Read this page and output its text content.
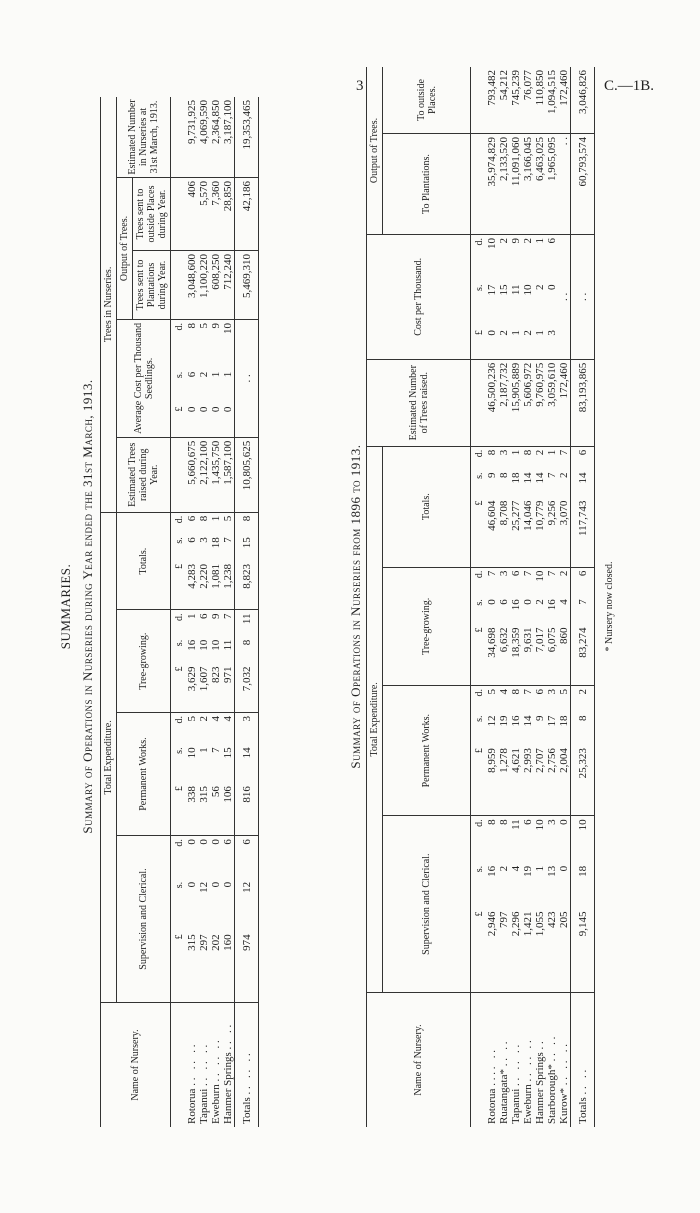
3	C.—1B.
SUMMARIES. Summary of Operations in Nurseries during Year ended the 31st March, 1913.
Name of Nursery.	Total Expenditure.												Trees in Nurseries.						
	Supervision and Clerical.			Permanent Works.			Tree-growing.			Totals.			Estimated Trees raised during Year.	Average Cost per Thousand Seedlings.			Output of Trees.		Estimated Number in Nurseries at 31st March, 1913.
																	Trees sent to Plantations during Year.	Trees sent to outside Places during Year.	
	£	s.	d.	£	s.	d.	£	s.	d.	£	s.	d.		£	s.	d.			
Rotorua . .   . .   . .	315	0	0	338	10	5	3,629	16	1	4,283	6	6	5,660,675	0	6	8	3,048,600	406	9,731,925
Tapanui . .   . .   . .	297	12	0	315	1	2	1,607	10	6	2,220	3	8	2,122,100	0	2	5	1,100,220	5,570	4,069,590
Eweburn . .   . .   . .	202	0	0	56	7	4	823	10	9	1,081	18	1	1,435,750	0	1	9	608,250	7,360	2,364,850
Hanmer Springs . .   . .	160	0	6	106	15	4	971	11	7	1,238	7	5	1,587,100	0	1	10	712,240	28,850	3,187,100
Totals . .   . .   . .	974	12	6	816	14	3	7,032	8	11	8,823	15	8	10,805,625	. .			5,469,310	42,186	19,353,465
Summary of Operations in Nurseries from 1896 to 1913.
Name of Nursery.	Total Expenditure.												Estimated Number of Trees raised.	Cost per Thousand.			Output of Trees.	
	Supervision and Clerical.			Permanent Works.			Tree-growing.			Totals.							To Plantations.	To outside Places.
	£	s.	d.	£	s.	d.	£	s.	d.	£	s.	d.		£	s.	d.		
Rotorua . . . .   . .	2,946	16	8	8,959	12	5	34,698	0	7	46,604	9	8	46,500,236	0	17	10	35,974,829	793,482
Ruatangata* . .   . .	797	2	8	1,278	19	4	6,632	6	3	8,708	8	3	2,187,732	2	15	2	2,133,520	54,212
Tapanui . .   . .   . .	2,296	4	11	4,621	16	8	18,359	16	6	25,277	18	1	15,905,889	1	11	9	11,091,060	745,239
Eweburn . .   . .   . .	1,421	19	6	2,993	14	7	9,631	0	7	14,046	14	8	5,606,972	2	10	2	3,166,045	76,077
Hanmer Springs . .	1,055	1	10	2,707	9	6	7,017	2	10	10,779	14	2	9,760,975	1	2	1	6,463,025	110,850
Starborough* . .   . .	423	13	3	2,756	17	3	6,075	16	7	9,256	7	1	3,059,610	3	0	6	1,965,095	1,094,515
Kurow* . .   . .   . .	205	0	0	2,004	18	5	860	4	2	3,070	2	7	172,460	. .			. .	172,460
Totals . .   . .	9,145	18	10	25,323	8	2	83,274	7	6	117,743	14	6	83,193,865	. .			60,793,574	3,046,826
* Nursery now closed.
